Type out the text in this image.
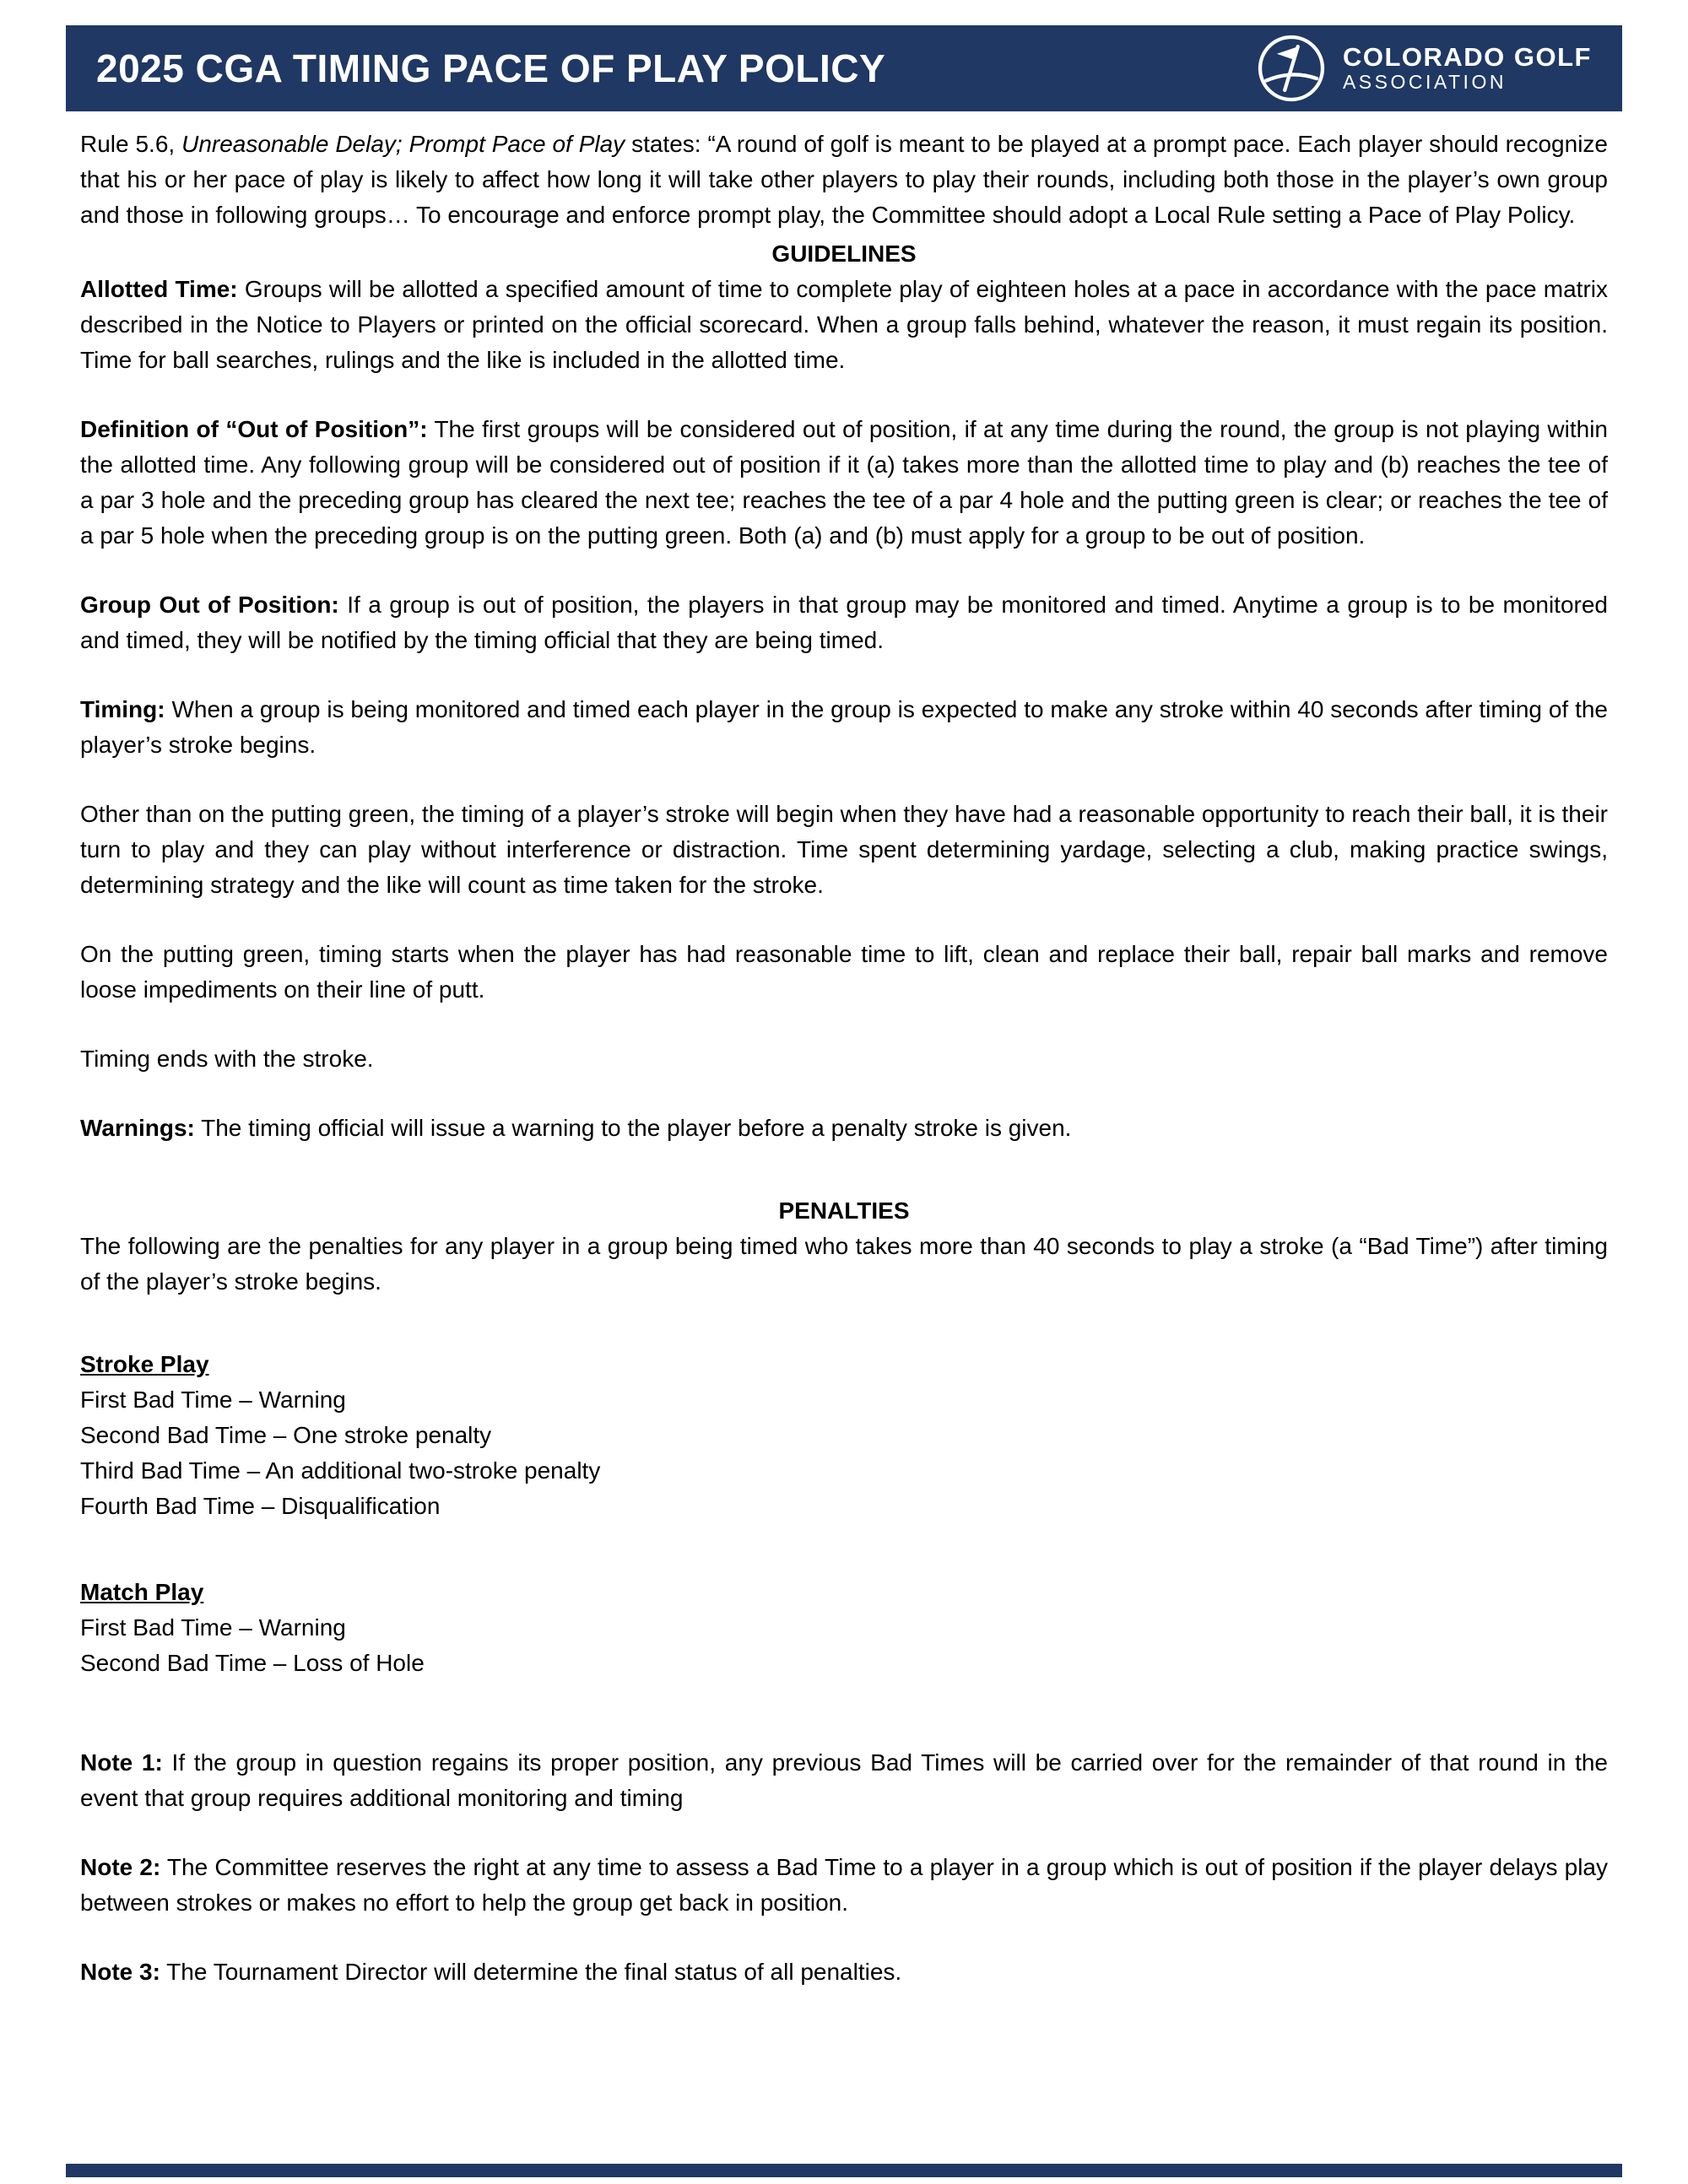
2025 CGA TIMING PACE OF PLAY POLICY	COLORADO GOLF
ASSOCIATION

Rule 5.6, Unreasonable Delay; Prompt Pace of Play states: “A round of golf is meant to be played at a prompt pace. Each player should recognize that his or her pace of play is likely to affect how long it will take other players to play their rounds, including both those in the player’s own group and those in following groups… To encourage and enforce prompt play, the Committee should adopt a Local Rule setting a Pace of Play Policy.

GUIDELINES

Allotted Time: Groups will be allotted a specified amount of time to complete play of eighteen holes at a pace in accordance with the pace matrix described in the Notice to Players or printed on the official scorecard. When a group falls behind, whatever the reason, it must regain its position. Time for ball searches, rulings and the like is included in the allotted time.

Definition of “Out of Position”: The first groups will be considered out of position, if at any time during the round, the group is not playing within the allotted time. Any following group will be considered out of position if it (a) takes more than the allotted time to play and (b) reaches the tee of a par 3 hole and the preceding group has cleared the next tee; reaches the tee of a par 4 hole and the putting green is clear; or reaches the tee of a par 5 hole when the preceding group is on the putting green. Both (a) and (b) must apply for a group to be out of position.

Group Out of Position: If a group is out of position, the players in that group may be monitored and timed. Anytime a group is to be monitored and timed, they will be notified by the timing official that they are being timed.

Timing: When a group is being monitored and timed each player in the group is expected to make any stroke within 40 seconds after timing of the player’s stroke begins.

Other than on the putting green, the timing of a player’s stroke will begin when they have had a reasonable opportunity to reach their ball, it is their turn to play and they can play without interference or distraction. Time spent determining yardage, selecting a club, making practice swings, determining strategy and the like will count as time taken for the stroke.

On the putting green, timing starts when the player has had reasonable time to lift, clean and replace their ball, repair ball marks and remove loose impediments on their line of putt.

Timing ends with the stroke.

Warnings: The timing official will issue a warning to the player before a penalty stroke is given.

PENALTIES

The following are the penalties for any player in a group being timed who takes more than 40 seconds to play a stroke (a “Bad Time”) after timing of the player’s stroke begins.

Stroke Play

First Bad Time – Warning

Second Bad Time – One stroke penalty

Third Bad Time – An additional two-stroke penalty

Fourth Bad Time – Disqualification

Match Play

First Bad Time – Warning

Second Bad Time – Loss of Hole

Note 1: If the group in question regains its proper position, any previous Bad Times will be carried over for the remainder of that round in the event that group requires additional monitoring and timing

Note 2: The Committee reserves the right at any time to assess a Bad Time to a player in a group which is out of position if the player delays play between strokes or makes no effort to help the group get back in position.

Note 3: The Tournament Director will determine the final status of all penalties.
